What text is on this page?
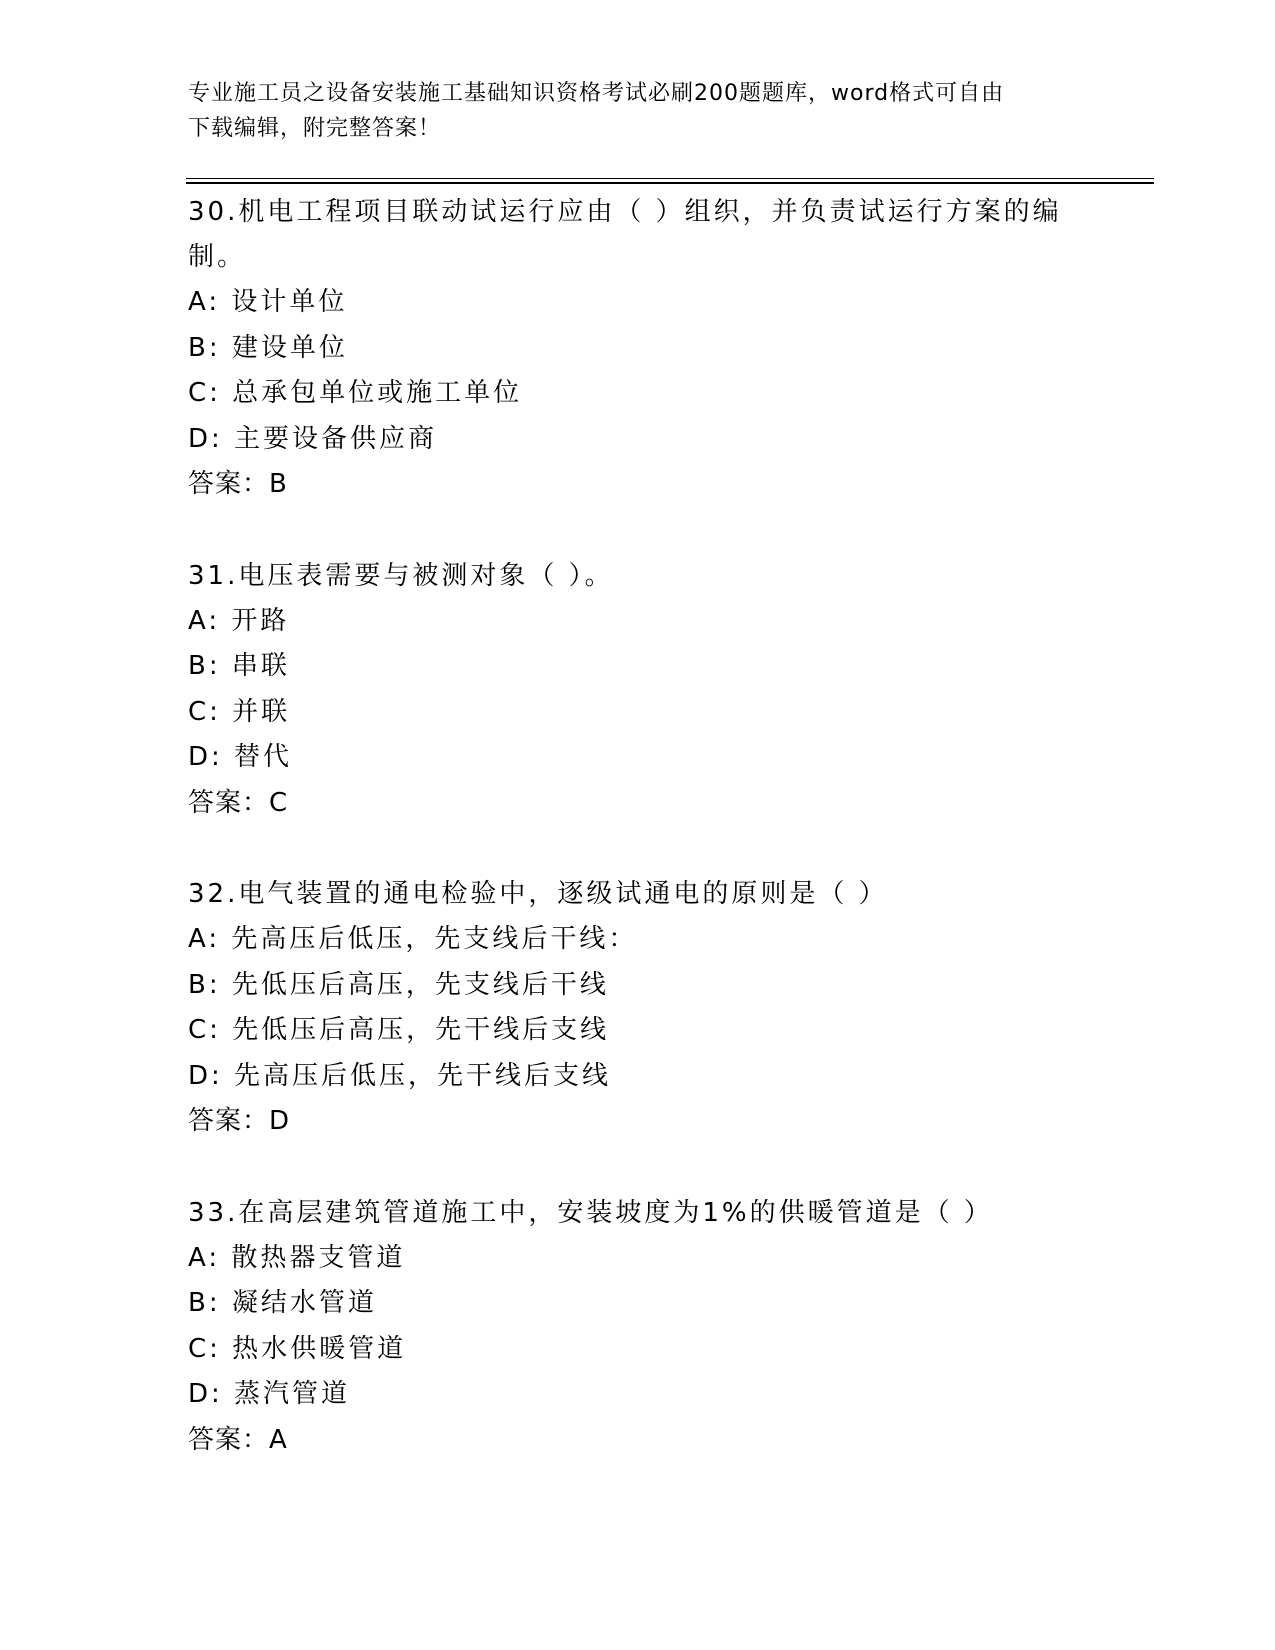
专业施工员之设备安装施工基础知识资格考试必刷200题题库，word格式可自由
下载编辑，附完整答案！
30.机电工程项目联动试运行应由（ ）组织，并负责试运行方案的编
制。
A: 设计单位
B: 建设单位
C: 总承包单位或施工单位
D: 主要设备供应商
答案：B
31.电压表需要与被测对象（ ）。
A: 开路
B: 串联
C: 并联
D: 替代
答案：C
32.电气装置的通电检验中，逐级试通电的原则是（ ）
A: 先高压后低压，先支线后干线：
B: 先低压后高压，先支线后干线
C: 先低压后高压，先干线后支线
D: 先高压后低压，先干线后支线
答案：D
33.在高层建筑管道施工中，安装坡度为1%的供暖管道是（ ）
A: 散热器支管道
B: 凝结水管道
C: 热水供暖管道
D: 蒸汽管道
答案：A
